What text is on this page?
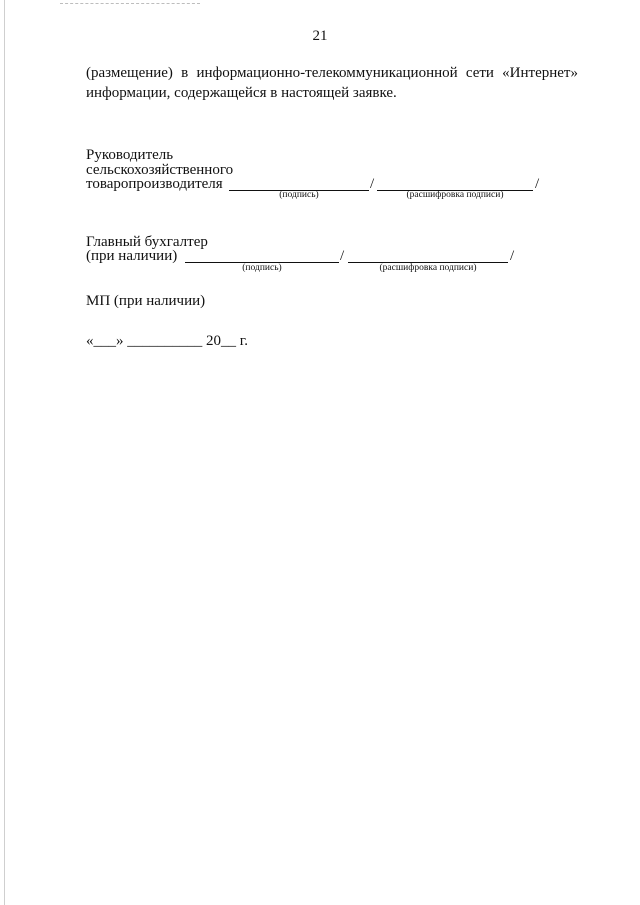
21
(размещение) в информационно-телекоммуникационной сети «Интернет»
информации, содержащейся в настоящей заявке.
Руководитель
сельскохозяйственного
товаропроизводителя	/	/
(подпись)	(расшифровка подписи)
Главный бухгалтер
(при наличии)	/	/
(подпись)	(расшифровка подписи)
МП (при наличии)
«___» __________ 20__ г.
